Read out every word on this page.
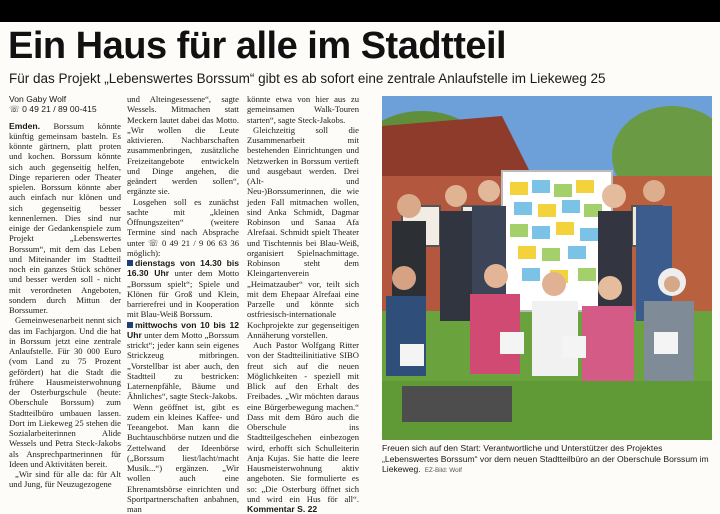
Ein Haus für alle im Stadtteil

Für das Projekt „Lebenswertes Borssum“ gibt es ab sofort eine zentrale Anlaufstelle im Liekeweg 25

Von Gaby Wolf

☏ 0 49 21 / 89 00-415

Emden. Borssum könnte künftig gemeinsam basteln. Es könnte gärtnern, platt proten und kochen. Borssum könnte sich auch gegenseitig helfen, Dinge reparieren oder Theater spielen. Borssum könnte aber auch einfach nur klönen und sich gegenseitig besser kennenlernen. Dies sind nur einige der Gedankenspiele zum Projekt „Lebenswertes Borssum“, mit dem das Leben und Miteinander im Stadtteil noch ein ganzes Stück schöner und besser werden soll - nicht mit verordneten Angeboten, sondern durch Mittun der Borssumer.

Gemeinwesenarbeit nennt sich das im Fachjargon. Und die hat in Borssum jetzt eine zentrale Anlaufstelle. Für 30 000 Euro (vom Land zu 75 Prozent gefördert) hat die Stadt die frühere Hausmeisterwohnung der Osterburgschule (heute: Oberschule Borssum) zum Stadtteilbüro umbauen lassen. Dort im Liekeweg 25 stehen die Sozialarbeiterinnen Alide Wessels und Petra Steck-Jakobs als Ansprechpartnerinnen für Ideen und Aktivitäten bereit.

„Wir sind für alle da: für Alt und Jung, für Neuzugezogene

und Alteingesessene“, sagte Wessels. Mitmachen statt Meckern lautet dabei das Motto. „Wir wollen die Leute aktivieren. Nachbarschaften zusammenbringen, zusätzliche Freizeitangebote entwickeln und Dinge angehen, die geändert werden sollen“, ergänzte sie.

Losgehen soll es zunächst sachte mit „kleinen Öffnungszeiten“ (weitere Termine sind nach Absprache unter ☏ 0 49 21 / 9 06 63 36 möglich):

dienstags von 14.30 bis 16.30 Uhr unter dem Motto „Borssum spielt“; Spiele und Klönen für Groß und Klein, barrierefrei und in Kooperation mit Blau-Weiß Borssum.

mittwochs von 10 bis 12 Uhr unter dem Motto „Borssum strickt“; jeder kann sein eigenes Strickzeug mitbringen. „Vorstellbar ist aber auch, den Stadtteil zu bestricken: Laternenpfähle, Bäume und Ähnliches“, sagte Steck-Jakobs.

Wenn geöffnet ist, gibt es zudem ein kleines Kaffee- und Teeangebot. Man kann die Buchtauschbörse nutzen und die Zettelwand der Ideenbörse („Borssum liest/lacht/macht Musik...“) ergänzen. „Wir wollen auch eine Ehrenamtsbörse einrichten und Sportpartnerschaften anbahnen, man

könnte etwa von hier aus zu gemeinsamen Walk-Touren starten“, sagte Steck-Jakobs.

Gleichzeitig soll die Zusammenarbeit mit bestehenden Einrichtungen und Netzwerken in Borssum vertieft und ausgebaut werden. Drei (Alt- und Neu-)Borssumerinnen, die wie jeden Fall mitmachen wollen, sind Anka Schmidt, Dagmar Robinson und Sanaa Afa Alrefaai. Schmidt spielt Theater und Tischtennis bei Blau-Weiß, organisiert Spielnachmittage. Robinson steht dem Kleingartenverein „Heimatzauber“ vor, teilt sich mit dem Ehepaar Alrefaai eine Parzelle und könnte sich ostfriesisch-internationale Kochprojekte zur gegenseitigen Annäherung vorstellen.

Auch Pastor Wolfgang Ritter von der Stadtteilinitiative SIBO freut sich auf die neuen Möglichkeiten - speziell mit Blick auf den Erhalt des Freibades. „Wir möchten daraus eine Bürgerbewegung machen.“ Dass mit dem Büro auch die Oberschule ins Stadtteilgeschehen einbezogen wird, erhofft sich Schulleiterin Anja Kujas. Sie hatte die leere Hausmeisterwohnung aktiv angeboten. Sie formulierte es so: „Die Osterburg öffnet sich und wird ein Hus för all“. Kommentar S. 22

Freuen sich auf den Start: Verantwortliche und Unterstützer des Projektes „Lebenswertes Borssum“ vor dem neuen Stadtteilbüro an der Oberschule Borssum im Liekeweg. EZ-Bild: Wolf
